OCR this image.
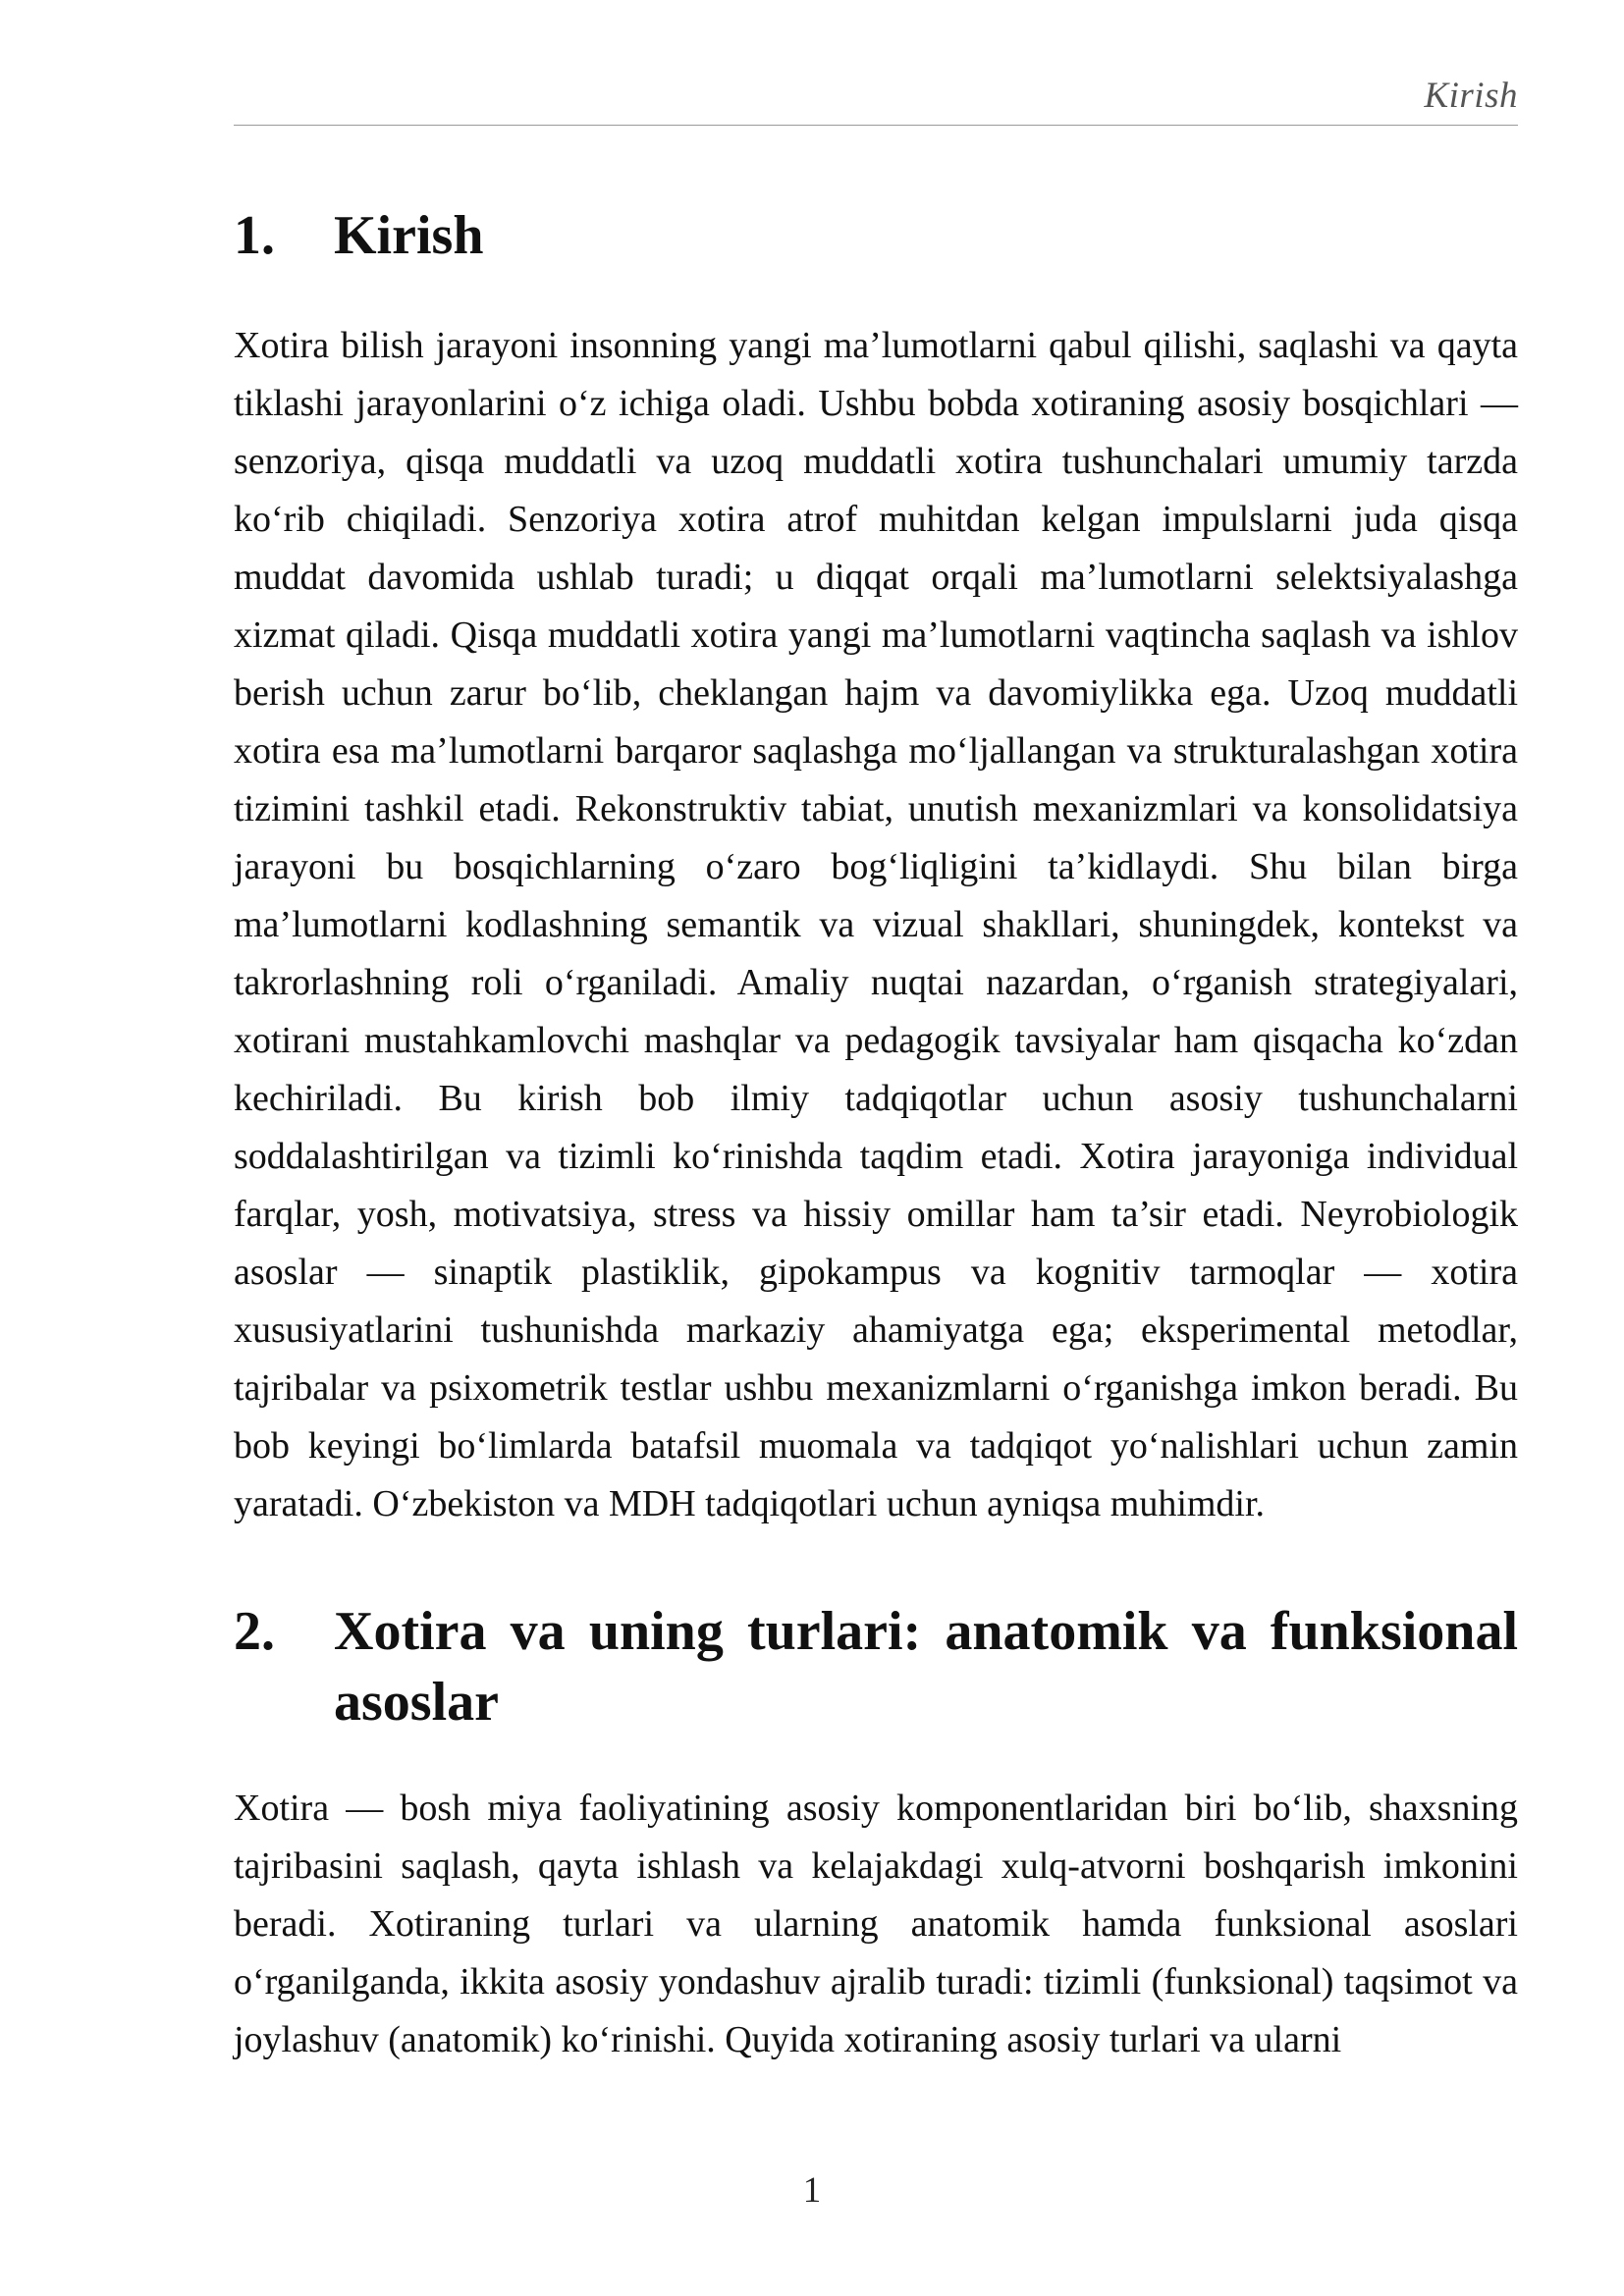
Kirish
1.	Kirish

Xotira bilish jarayoni insonning yangi ma’lumotlarni qabul qilishi, saqlashi va qayta tiklashi jarayonlarini o‘z ichiga oladi. Ushbu bobda xotiraning asosiy bosqichlari — senzoriya, qisqa muddatli va uzoq muddatli xotira tushunchalari umumiy tarzda ko‘rib chiqiladi. Senzoriya xotira atrof muhitdan kelgan impulslarni juda qisqa muddat davomida ushlab turadi; u diqqat orqali ma’lumotlarni selektsiyalashga xizmat qiladi. Qisqa muddatli xotira yangi ma’lumotlarni vaqtincha saqlash va ishlov berish uchun zarur bo‘lib, cheklangan hajm va davomiylikka ega. Uzoq muddatli xotira esa ma’lumotlarni barqaror saqlashga mo‘ljallangan va strukturalashgan xotira tizimini tashkil etadi. Rekonstruktiv tabiat, unutish mexanizmlari va konsolidatsiya jarayoni bu bosqichlarning o‘zaro bog‘liqligini ta’kidlaydi. Shu bilan birga ma’lumotlarni kodlashning semantik va vizual shakllari, shuningdek, kontekst va takrorlashning roli o‘rganiladi. Amaliy nuqtai nazardan, o‘rganish strategiyalari, xotirani mustahkamlovchi mashqlar va pedagogik tavsiyalar ham qisqacha ko‘zdan kechiriladi. Bu kirish bob ilmiy tadqiqotlar uchun asosiy tushunchalarni soddalashtirilgan va tizimli ko‘rinishda taqdim etadi. Xotira jarayoniga individual farqlar, yosh, motivatsiya, stress va hissiy omillar ham ta’sir etadi. Neyrobiologik asoslar — sinaptik plastiklik, gipokampus va kognitiv tarmoqlar — xotira xususiyatlarini tushunishda markaziy ahamiyatga ega; eksperimental metodlar, tajribalar va psixometrik testlar ushbu mexanizmlarni o‘rganishga imkon beradi. Bu bob keyingi bo‘limlarda batafsil muomala va tadqiqot yo‘nalishlari uchun zamin yaratadi. O‘zbekiston va MDH tadqiqotlari uchun ayniqsa muhimdir.

2.	Xotira va uning turlari: anatomik va funksional asoslar

Xotira — bosh miya faoliyatining asosiy komponentlaridan biri bo‘lib, shaxsning tajribasini saqlash, qayta ishlash va kelajakdagi xulq-atvorni boshqarish imkonini beradi. Xotiraning turlari va ularning anatomik hamda funksional asoslari o‘rganilganda, ikkita asosiy yondashuv ajralib turadi: tizimli (funksional) taqsimot va joylashuv (anatomik) ko‘rinishi. Quyida xotiraning asosiy turlari va ularni

1
